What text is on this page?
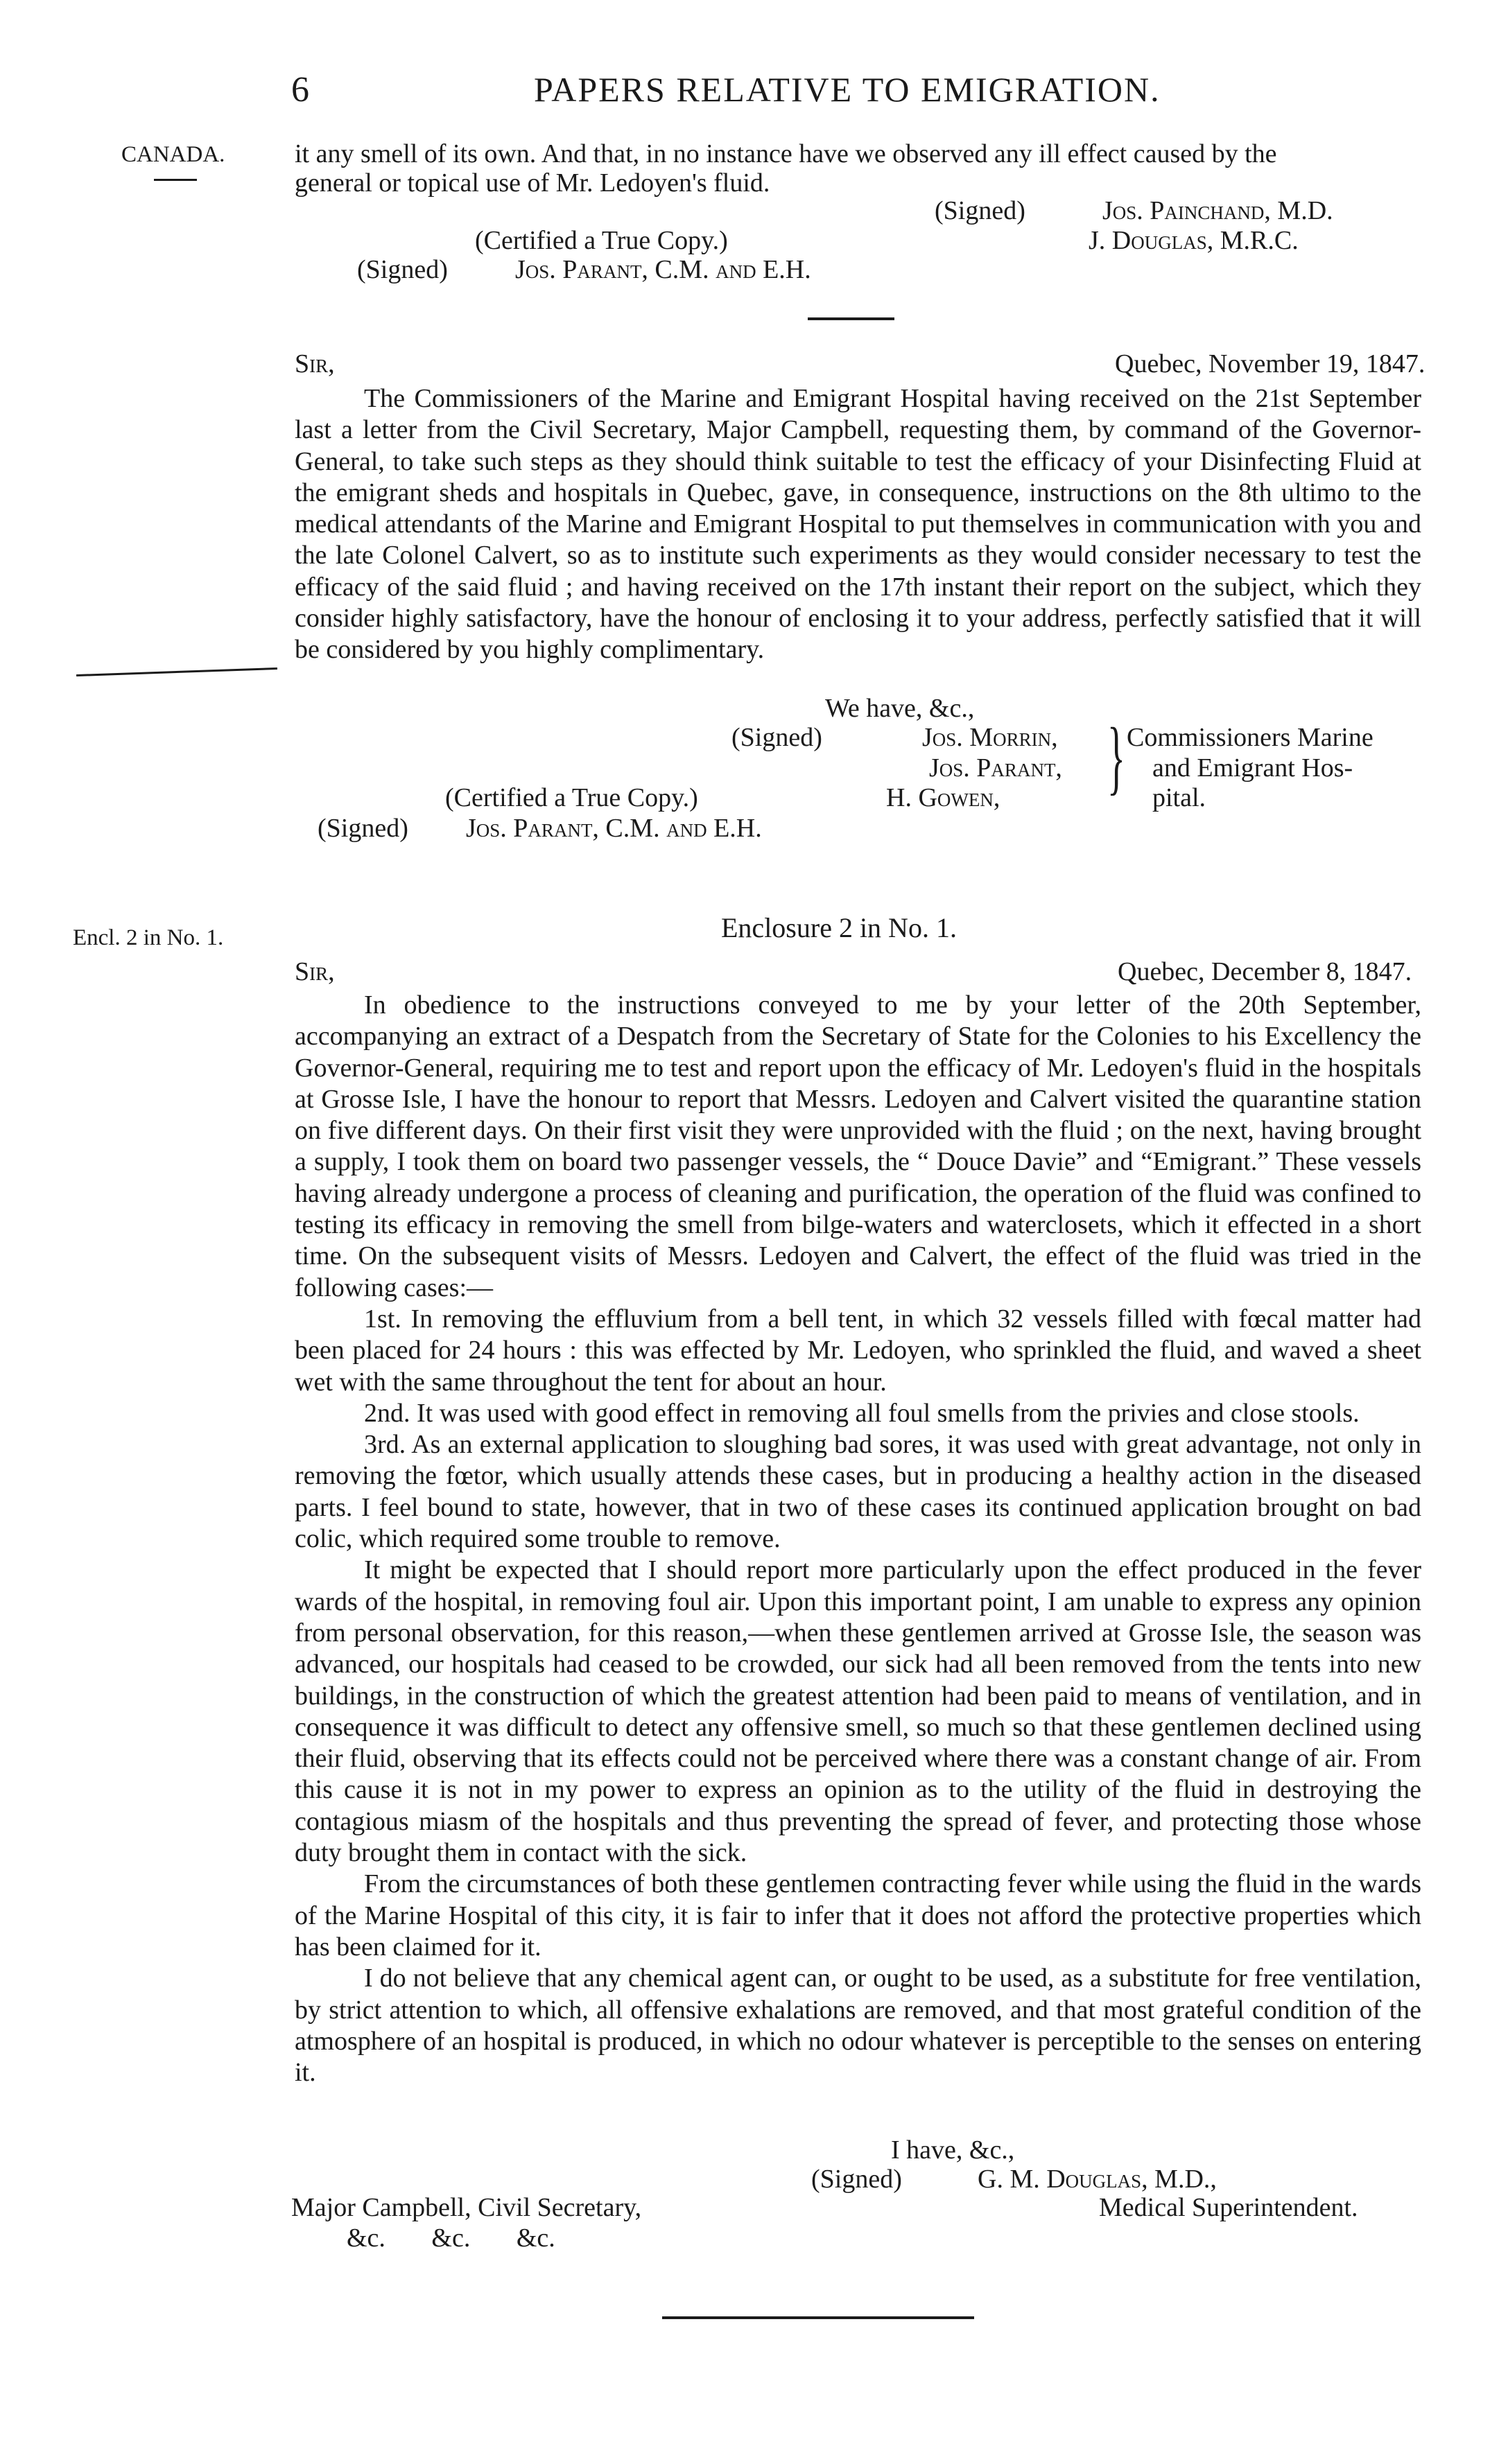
6	PAPERS RELATIVE TO EMIGRATION.
CANADA.
Encl. 2 in No. 1.
it any smell of its own. And that, in no instance have we observed any ill effect caused by the
general or topical use of Mr. Ledoyen's fluid.
(Signed)	Jos. Painchand, M.D.
J. Douglas, M.R.C.
(Certified a True Copy.)
(Signed)	Jos. Parant, C.M. and E.H.
Sir,	Quebec, November 19, 1847.

The Commissioners of the Marine and Emigrant Hospital having received on the 21st September last a letter from the Civil Secretary, Major Campbell, requesting them, by command of the Governor-General, to take such steps as they should think suitable to test the efficacy of your Disinfecting Fluid at the emigrant sheds and hospitals in Quebec, gave, in consequence, instructions on the 8th ultimo to the medical attendants of the Marine and Emigrant Hospital to put themselves in communication with you and the late Colonel Calvert, so as to institute such experiments as they would consider necessary to test the efficacy of the said fluid ; and having received on the 17th instant their report on the subject, which they consider highly satisfactory, have the honour of enclosing it to your address, perfectly satisfied that it will be considered by you highly complimentary.

We have, &c.,
(Signed)	Jos. Morrin,
Jos. Parant,
H. Gowen, } Commissioners Marine
and Emigrant Hos-
pital.
(Certified a True Copy.)
(Signed) Jos. Parant, C.M. and E.H.
Enclosure 2 in No. 1.
Sir,	Quebec, December 8, 1847.

In obedience to the instructions conveyed to me by your letter of the 20th September, accompanying an extract of a Despatch from the Secretary of State for the Colonies to his Excellency the Governor-General, requiring me to test and report upon the efficacy of Mr. Ledoyen's fluid in the hospitals at Grosse Isle, I have the honour to report that Messrs. Ledoyen and Calvert visited the quarantine station on five different days. On their first visit they were unprovided with the fluid ; on the next, having brought a supply, I took them on board two passenger vessels, the “ Douce Davie” and “Emigrant.” These vessels having already undergone a process of cleaning and purification, the operation of the fluid was confined to testing its efficacy in removing the smell from bilge-waters and waterclosets, which it effected in a short time. On the subsequent visits of Messrs. Ledoyen and Calvert, the effect of the fluid was tried in the following cases:—

1st. In removing the effluvium from a bell tent, in which 32 vessels filled with fœcal matter had been placed for 24 hours : this was effected by Mr. Ledoyen, who sprinkled the fluid, and waved a sheet wet with the same throughout the tent for about an hour.

2nd. It was used with good effect in removing all foul smells from the privies and close stools.

3rd. As an external application to sloughing bad sores, it was used with great advantage, not only in removing the fœtor, which usually attends these cases, but in producing a healthy action in the diseased parts. I feel bound to state, however, that in two of these cases its continued application brought on bad colic, which required some trouble to remove.

It might be expected that I should report more particularly upon the effect produced in the fever wards of the hospital, in removing foul air. Upon this important point, I am unable to express any opinion from personal observation, for this reason,—when these gentlemen arrived at Grosse Isle, the season was advanced, our hospitals had ceased to be crowded, our sick had all been removed from the tents into new buildings, in the construction of which the greatest attention had been paid to means of ventilation, and in consequence it was difficult to detect any offensive smell, so much so that these gentlemen declined using their fluid, observing that its effects could not be perceived where there was a constant change of air. From this cause it is not in my power to express an opinion as to the utility of the fluid in destroying the contagious miasm of the hospitals and thus preventing the spread of fever, and protecting those whose duty brought them in contact with the sick.

From the circumstances of both these gentlemen contracting fever while using the fluid in the wards of the Marine Hospital of this city, it is fair to infer that it does not afford the protective properties which has been claimed for it.

I do not believe that any chemical agent can, or ought to be used, as a substitute for free ventilation, by strict attention to which, all offensive exhalations are removed, and that most grateful condition of the atmosphere of an hospital is produced, in which no odour whatever is perceptible to the senses on entering it.

I have, &c.,
(Signed)	G. M. Douglas, M.D.,
Major Campbell, Civil Secretary,	Medical Superintendent.
&c.       &c.       &c.
